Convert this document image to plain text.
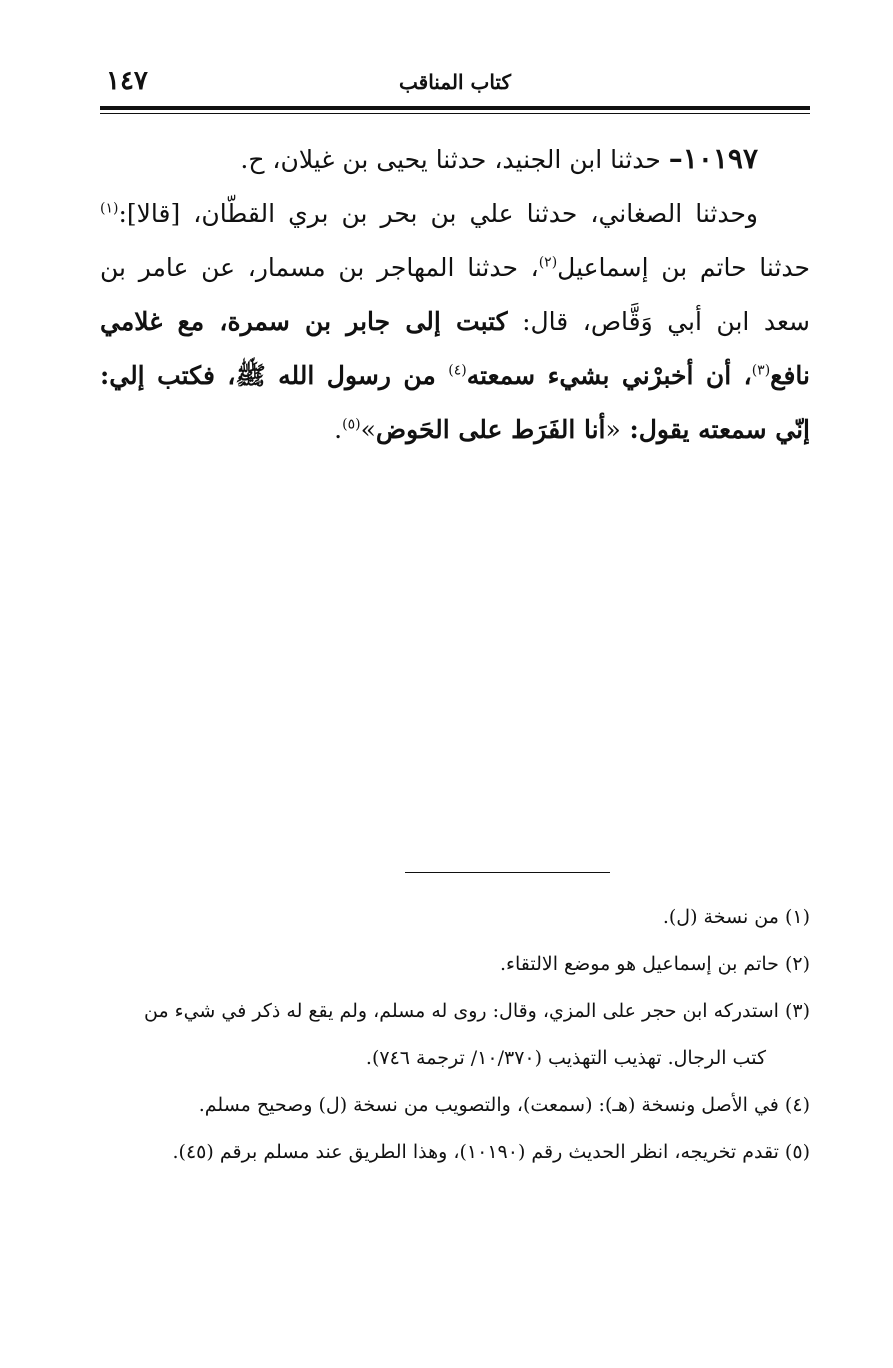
كتاب المناقب
١٤٧

١٠١٩٧– حدثنا ابن الجنيد، حدثنا يحيى بن غيلان، ح.

وحدثنا الصغاني، حدثنا علي بن بحر بن بري القطّان، [قالا]:$^{(١)}$ حدثنا حاتم بن إسماعيل$^{(٢)}$، حدثنا المهاجر بن مسمار، عن عامر بن سعد ابن أبي وَقَّاص، قال: كتبت إلى جابر بن سمرة، مع غلامي نافع$^{(٣)}$، أن أخبرْني بشيء سمعته$^{(٤)}$ من رسول الله ﷺ، فكتب إلي: إنّي سمعته يقول: «أنا الفَرَط على الحَوض»$^{(٥)}$.

(١) من نسخة (ل).

(٢) حاتم بن إسماعيل هو موضع الالتقاء.

(٣) استدركه ابن حجر على المزي، وقال: روى له مسلم، ولم يقع له ذكر في شيء من

كتب الرجال. تهذيب التهذيب (١٠/٣٧٠/ ترجمة ٧٤٦).

(٤) في الأصل ونسخة (هـ): (سمعت)، والتصويب من نسخة (ل) وصحيح مسلم.

(٥) تقدم تخريجه، انظر الحديث رقم (١٠١٩٠)، وهذا الطريق عند مسلم برقم (٤٥).
